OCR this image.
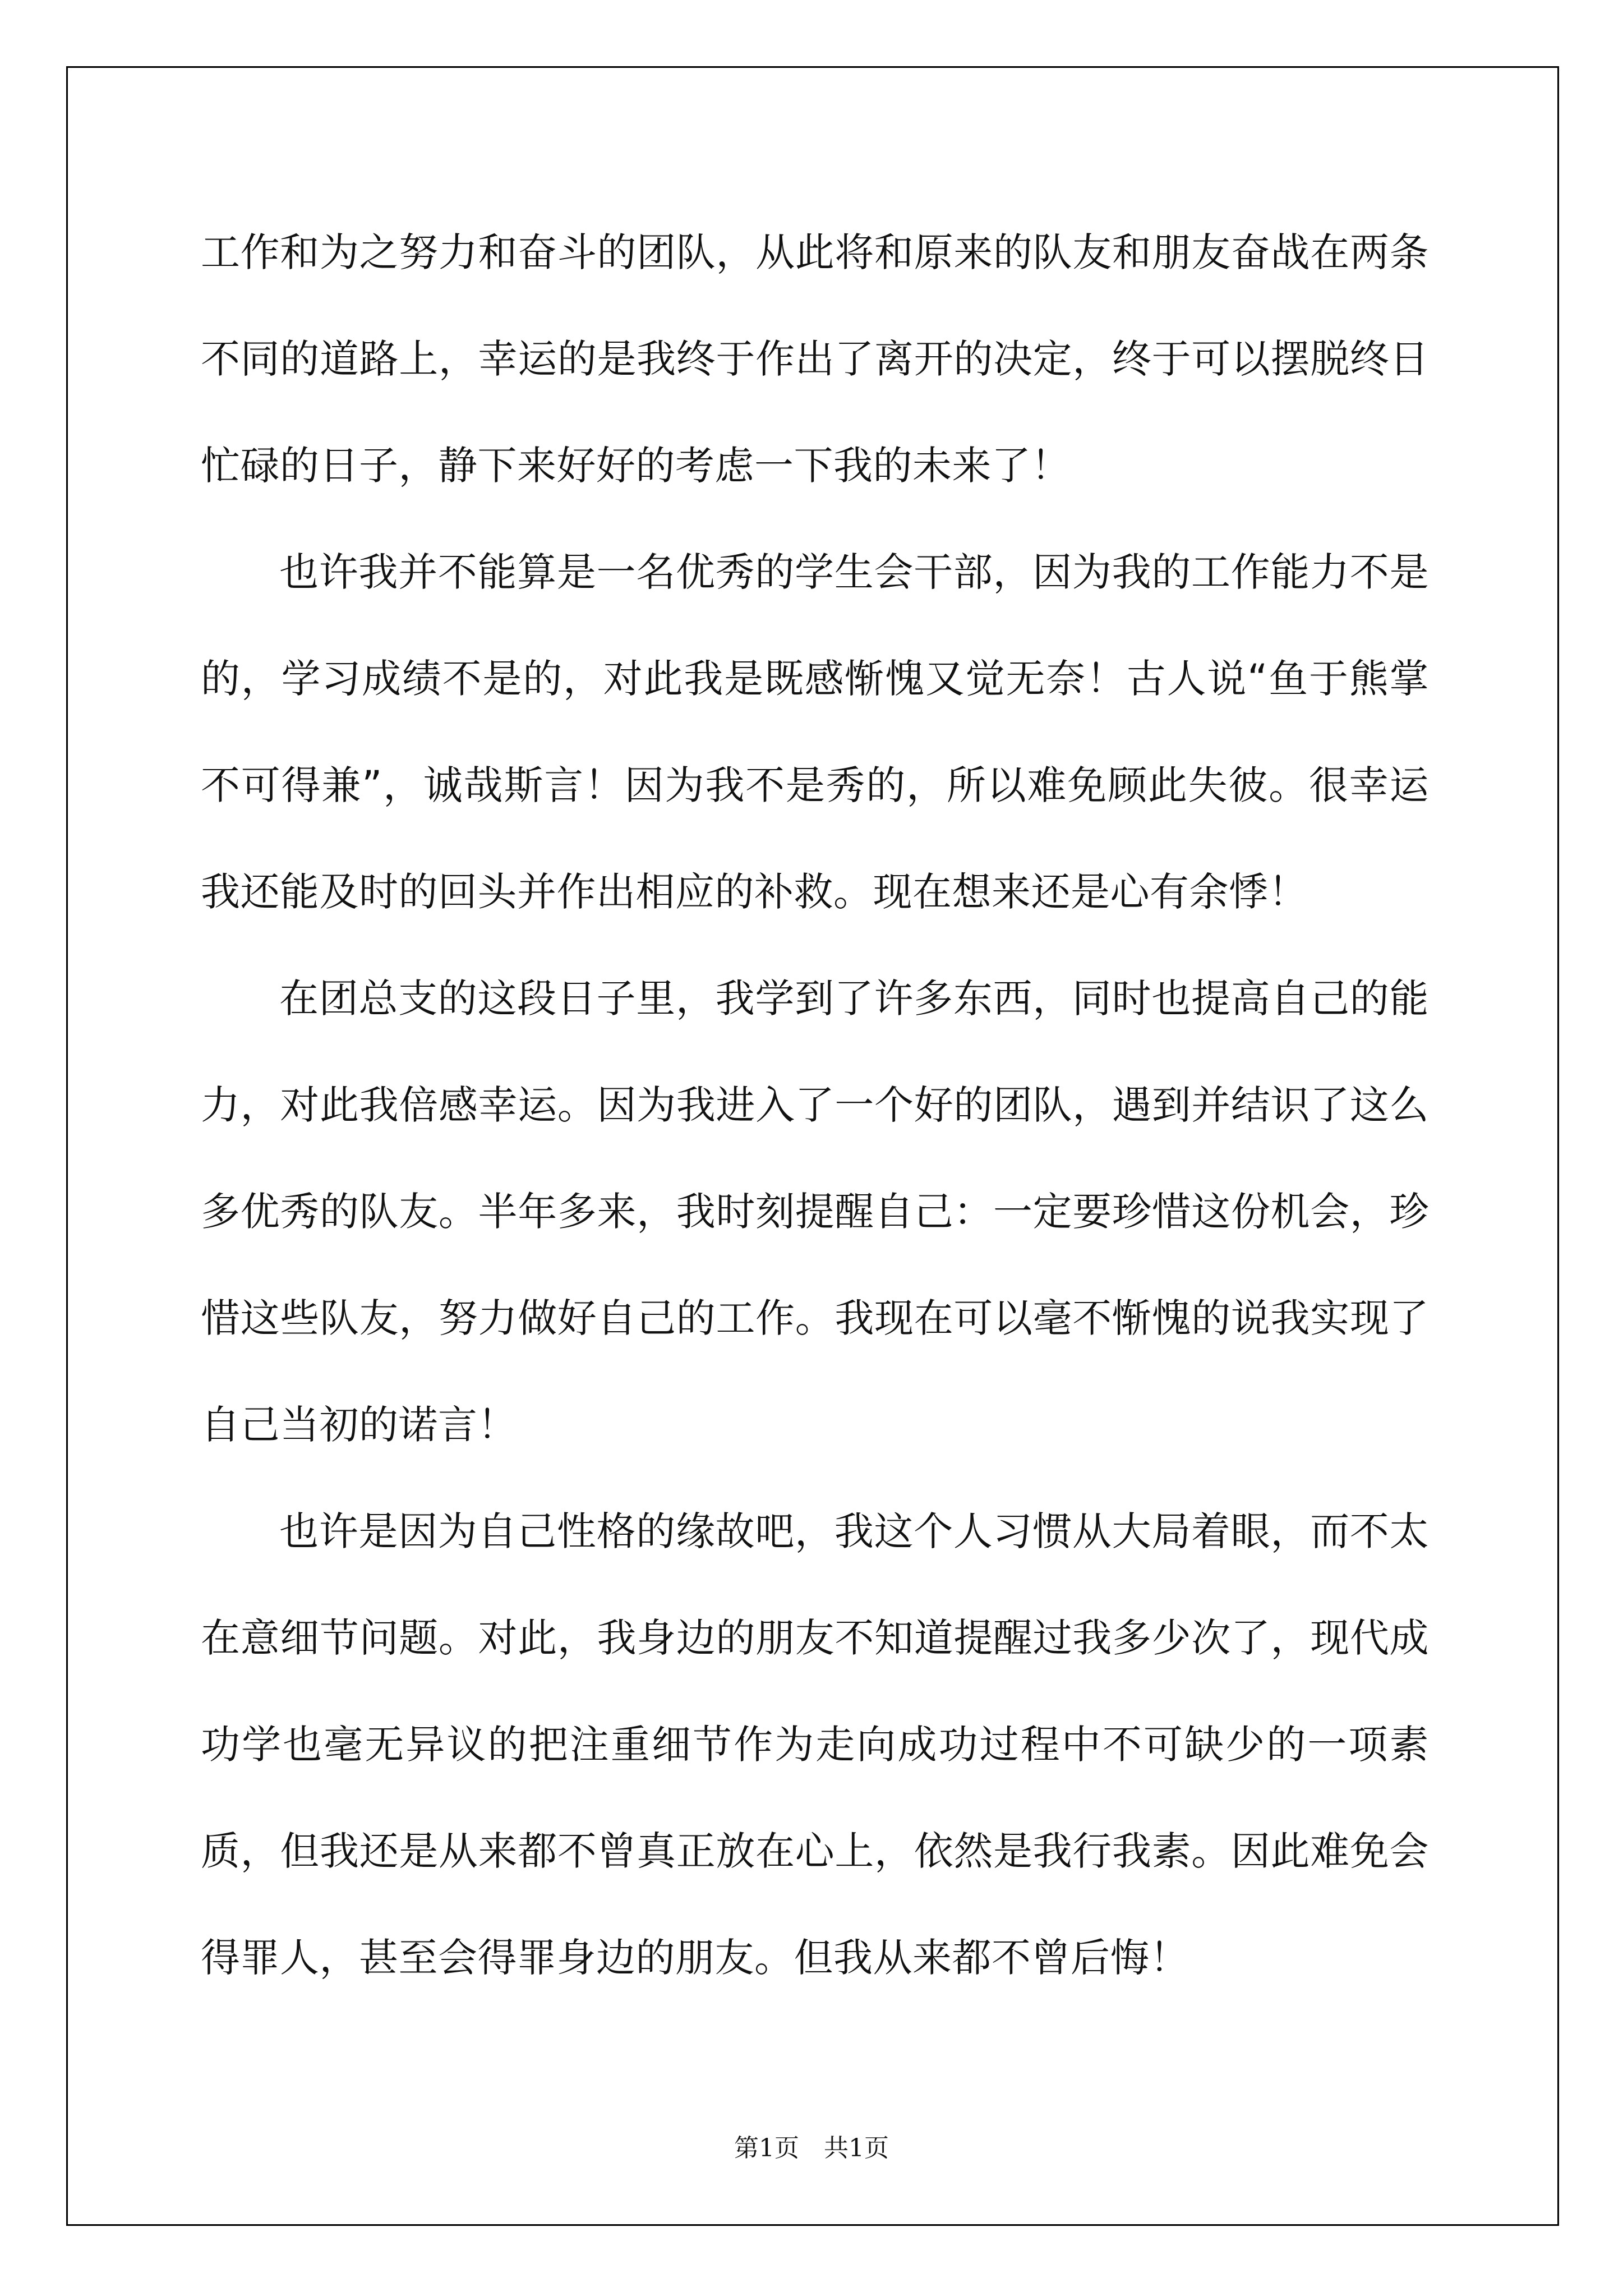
工作和为之努力和奋斗的团队，从此将和原来的队友和朋友奋战在两条不同的道路上，幸运的是我终于作出了离开的决定，终于可以摆脱终日忙碌的日子，静下来好好的考虑一下我的未来了！

也许我并不能算是一名优秀的学生会干部，因为我的工作能力不是的，学习成绩不是的，对此我是既感惭愧又觉无奈！古人说“鱼于熊掌不可得兼”，诚哉斯言！因为我不是秀的，所以难免顾此失彼。很幸运我还能及时的回头并作出相应的补救。现在想来还是心有余悸！

在团总支的这段日子里，我学到了许多东西，同时也提高自己的能力，对此我倍感幸运。因为我进入了一个好的团队，遇到并结识了这么多优秀的队友。半年多来，我时刻提醒自己：一定要珍惜这份机会，珍惜这些队友，努力做好自己的工作。我现在可以毫不惭愧的说我实现了自己当初的诺言！

也许是因为自己性格的缘故吧，我这个人习惯从大局着眼，而不太在意细节问题。对此，我身边的朋友不知道提醒过我多少次了，现代成功学也毫无异议的把注重细节作为走向成功过程中不可缺少的一项素质，但我还是从来都不曾真正放在心上，依然是我行我素。因此难免会得罪人，甚至会得罪身边的朋友。但我从来都不曾后悔！

第1页 共1页
